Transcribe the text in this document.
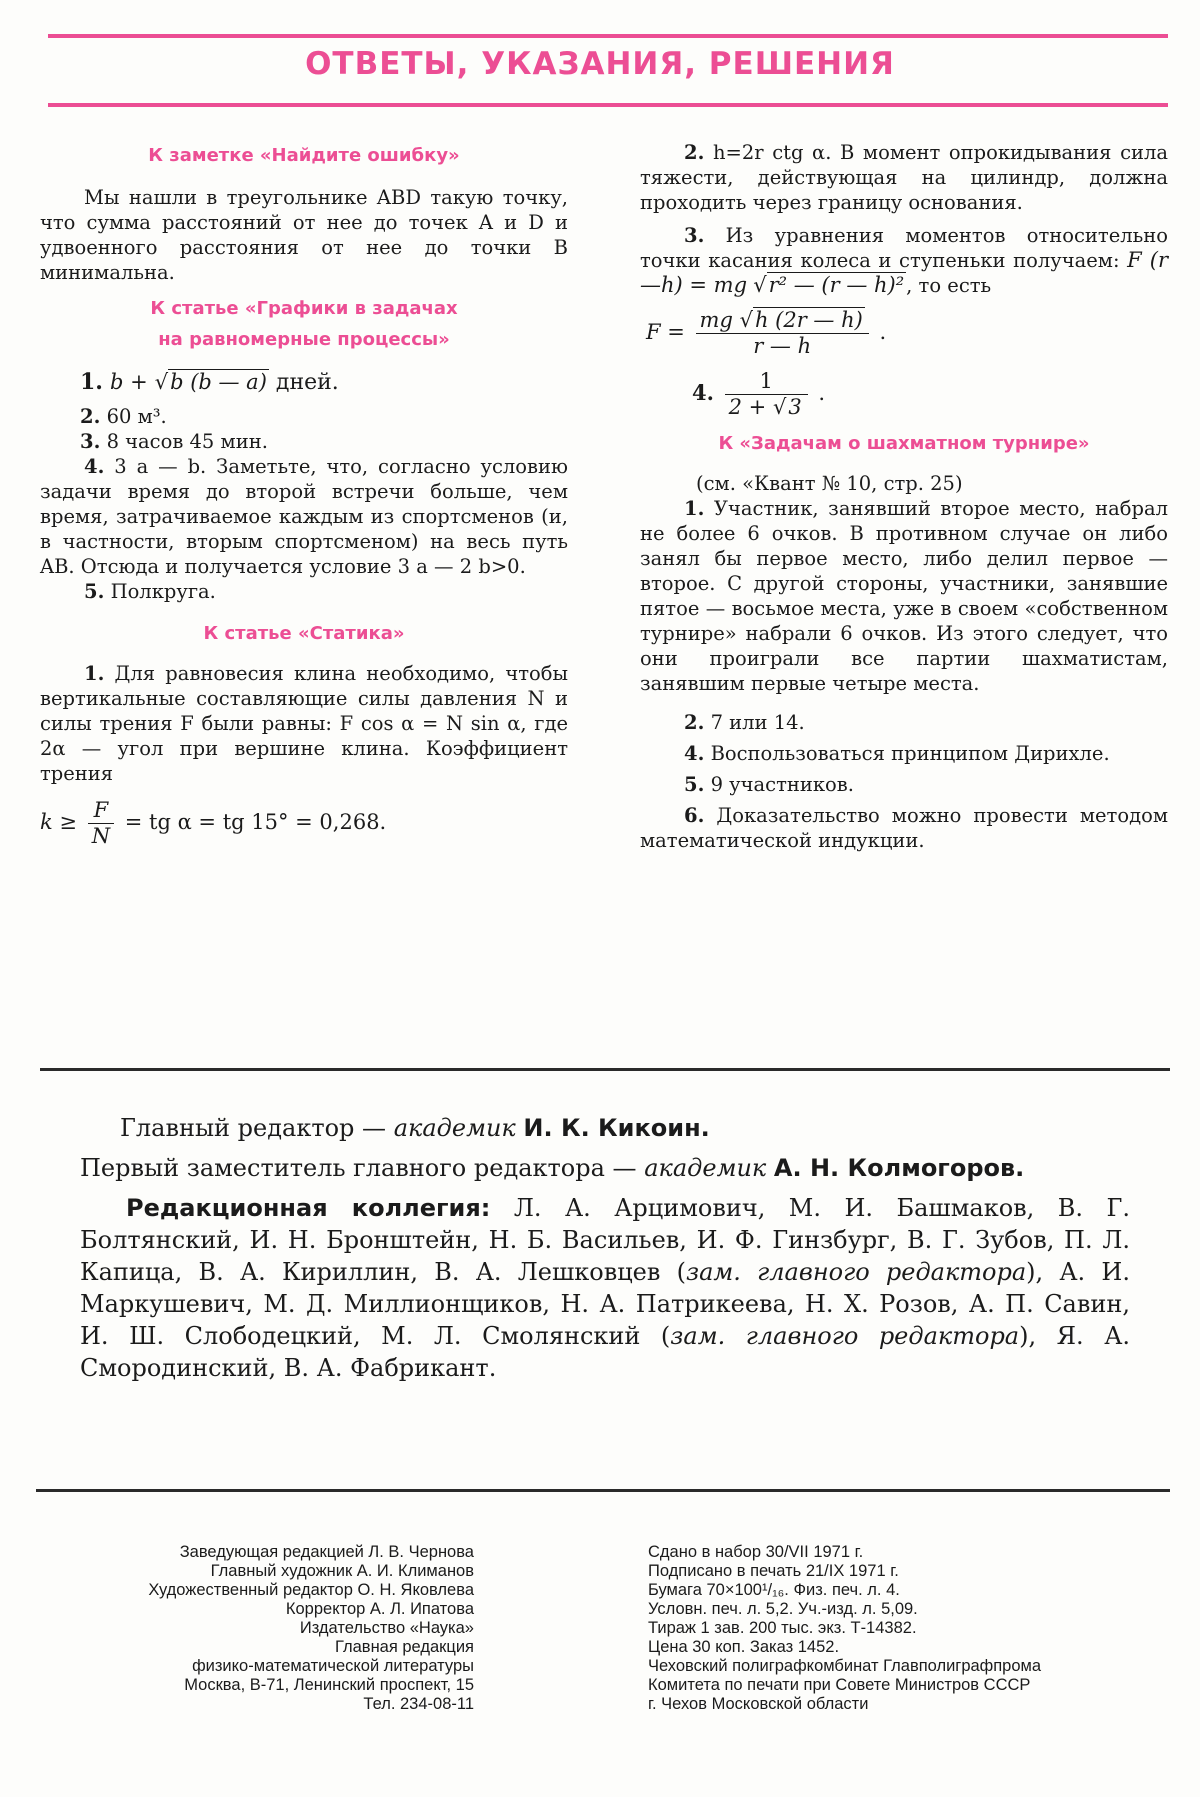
ОТВЕТЫ, УКАЗАНИЯ, РЕШЕНИЯ
К заметке «Найдите ошибку»

Мы нашли в треугольнике ABD такую точку, что сумма расстояний от нее до точек A и D и удвоенного расстояния от нее до точки B минимальна.

К статье «Графики в задачах
на равномерные процессы»

1. b + √b (b — a) дней.

2. 60 м³.

3. 8 часов 45 мин.

4. 3 a — b. Заметьте, что, согласно условию задачи время до второй встречи больше, чем время, затрачиваемое каждым из спортсменов (и, в частности, вторым спортсменом) на весь путь AB. Отсюда и получается условие 3 a — 2 b>0.

5. Полкруга.

К статье «Статика»

1. Для равновесия клина необходимо, чтобы вертикальные составляющие силы давления N и силы трения F были равны: F cos α = N sin α, где 2α — угол при вершине клина. Коэффициент трения

$k \ge \frac{F}{N}$ = tg α = tg 15° = 0,268.

2. h=2r ctg α. В момент опрокидывания сила тяжести, действующая на цилиндр, должна проходить через границу основания.

3. Из уравнения моментов относительно точки касания колеса и ступеньки получаем: F (r—h) = mg √r² — (r — h)² , то есть

$F = \frac{mg √h (2r — h)}{r — h}$ .
4. $\frac{1}{2 + √3}$ .
К «Задачам о шахматном турнире»

(см. «Квант № 10, стр. 25)

1. Участник, занявший второе место, набрал не более 6 очков. В противном случае он либо занял бы первое место, либо делил первое — второе. С другой стороны, участники, занявшие пятое — восьмое места, уже в своем «собственном турнире» набрали 6 очков. Из этого следует, что они проиграли все партии шахматистам, занявшим первые четыре места.

2. 7 или 14.

4. Воспользоваться принципом Дирихле.

5. 9 участников.

6. Доказательство можно провести методом математической индукции.

Главный редактор — академик И. К. Кикоин.

Первый заместитель главного редактора — академик А. Н. Колмогоров.

Редакционная коллегия: Л. А. Арцимович, М. И. Башмаков, В. Г. Болтянский, И. Н. Бронштейн, Н. Б. Васильев, И. Ф. Гинзбург, В. Г. Зубов, П. Л. Капица, В. А. Кириллин, В. А. Лешковцев (зам. главного редактора), А. И. Маркушевич, М. Д. Миллионщиков, Н. А. Патрикеева, Н. Х. Розов, А. П. Савин, И. Ш. Слободецкий, М. Л. Смолянский (зам. главного редактора), Я. А. Смородинский, В. А. Фабрикант.

Заведующая редакцией Л. В. Чернова
Главный художник А. И. Климанов
Художественный редактор О. Н. Яковлева
Корректор А. Л. Ипатова
Издательство «Наука»
Главная редакция
физико-математической литературы
Москва, В-71, Ленинский проспект, 15
Тел. 234-08-11
Сдано в набор 30/VII 1971 г.
Подписано в печать 21/IX 1971 г.
Бумага 70×100¹/₁₆. Физ. печ. л. 4.
Условн. печ. л. 5,2. Уч.-изд. л. 5,09.
Тираж 1 зав. 200 тыс. экз. Т-14382.
Цена 30 коп. Заказ 1452.
Чеховский полиграфкомбинат Главполиграфпрома
Комитета по печати при Совете Министров СССР
г. Чехов Московской области
